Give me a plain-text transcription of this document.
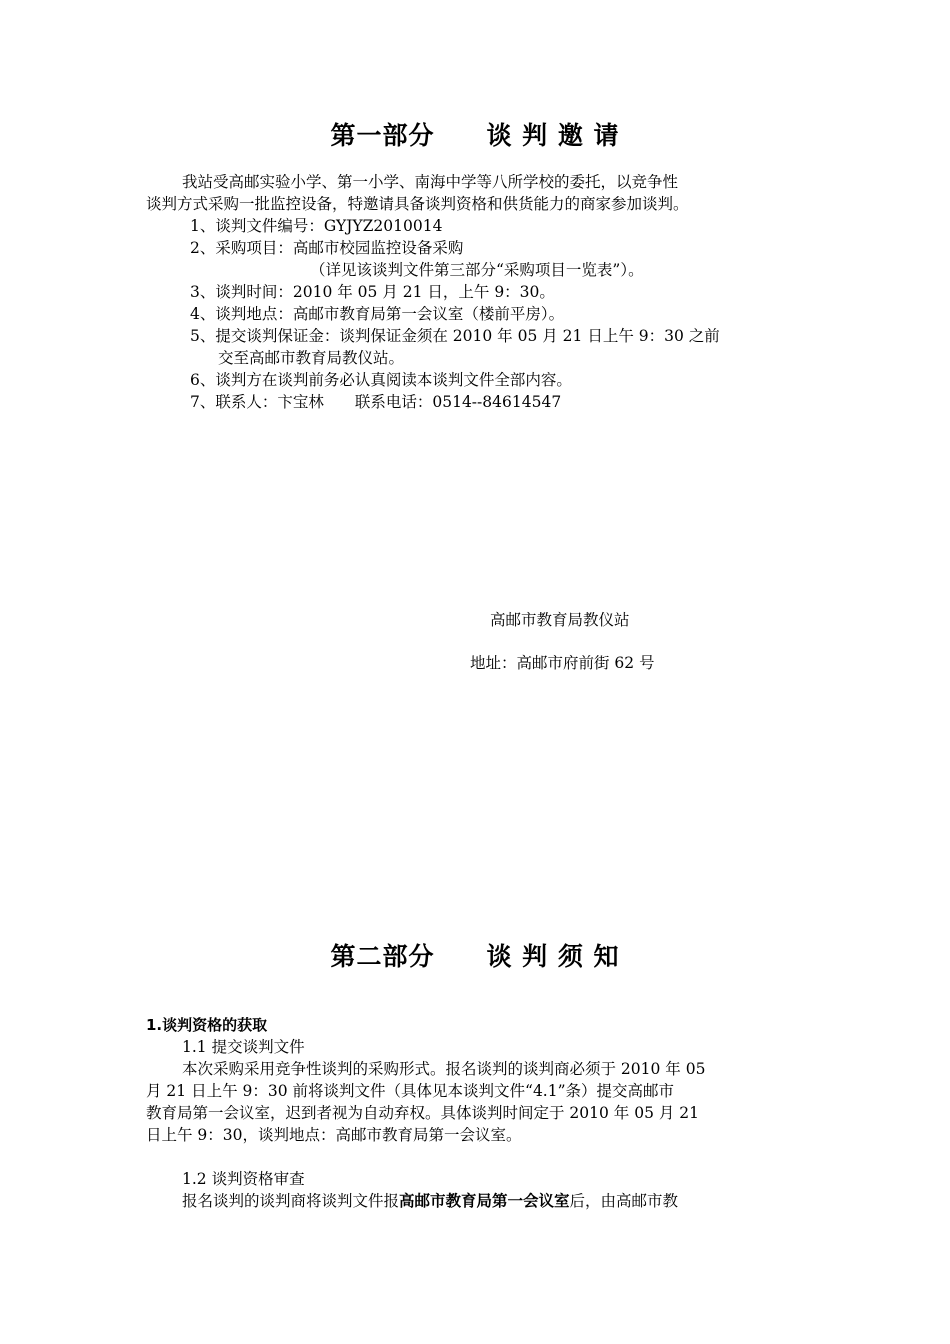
第一部分　　谈 判 邀 请

我站受高邮实验小学、第一小学、南海中学等八所学校的委托，以竞争性

谈判方式采购一批监控设备，特邀请具备谈判资格和供货能力的商家参加谈判。

1、谈判文件编号：GYJYZ2010014

2、采购项目：高邮市校园监控设备采购

（详见该谈判文件第三部分“采购项目一览表”）。

3、谈判时间：2010 年 05 月 21 日，上午 9：30。

4、谈判地点：高邮市教育局第一会议室（楼前平房）。

5、提交谈判保证金：谈判保证金须在 2010 年 05 月 21 日上午 9：30 之前

交至高邮市教育局教仪站。

6、谈判方在谈判前务必认真阅读本谈判文件全部内容。

7、联系人：卞宝林　　联系电话：0514--84614547

高邮市教育局教仪站

地址：高邮市府前街 62 号

第二部分　　谈 判 须 知

1.谈判资格的获取

1.1 提交谈判文件

本次采购采用竞争性谈判的采购形式。报名谈判的谈判商必须于 2010 年 05

月 21 日上午 9：30 前将谈判文件（具体见本谈判文件“4.1”条）提交高邮市

教育局第一会议室，迟到者视为自动弃权。具体谈判时间定于 2010 年 05 月 21

日上午 9：30，谈判地点：高邮市教育局第一会议室。

1.2 谈判资格审查

报名谈判的谈判商将谈判文件报高邮市教育局第一会议室后，由高邮市教
